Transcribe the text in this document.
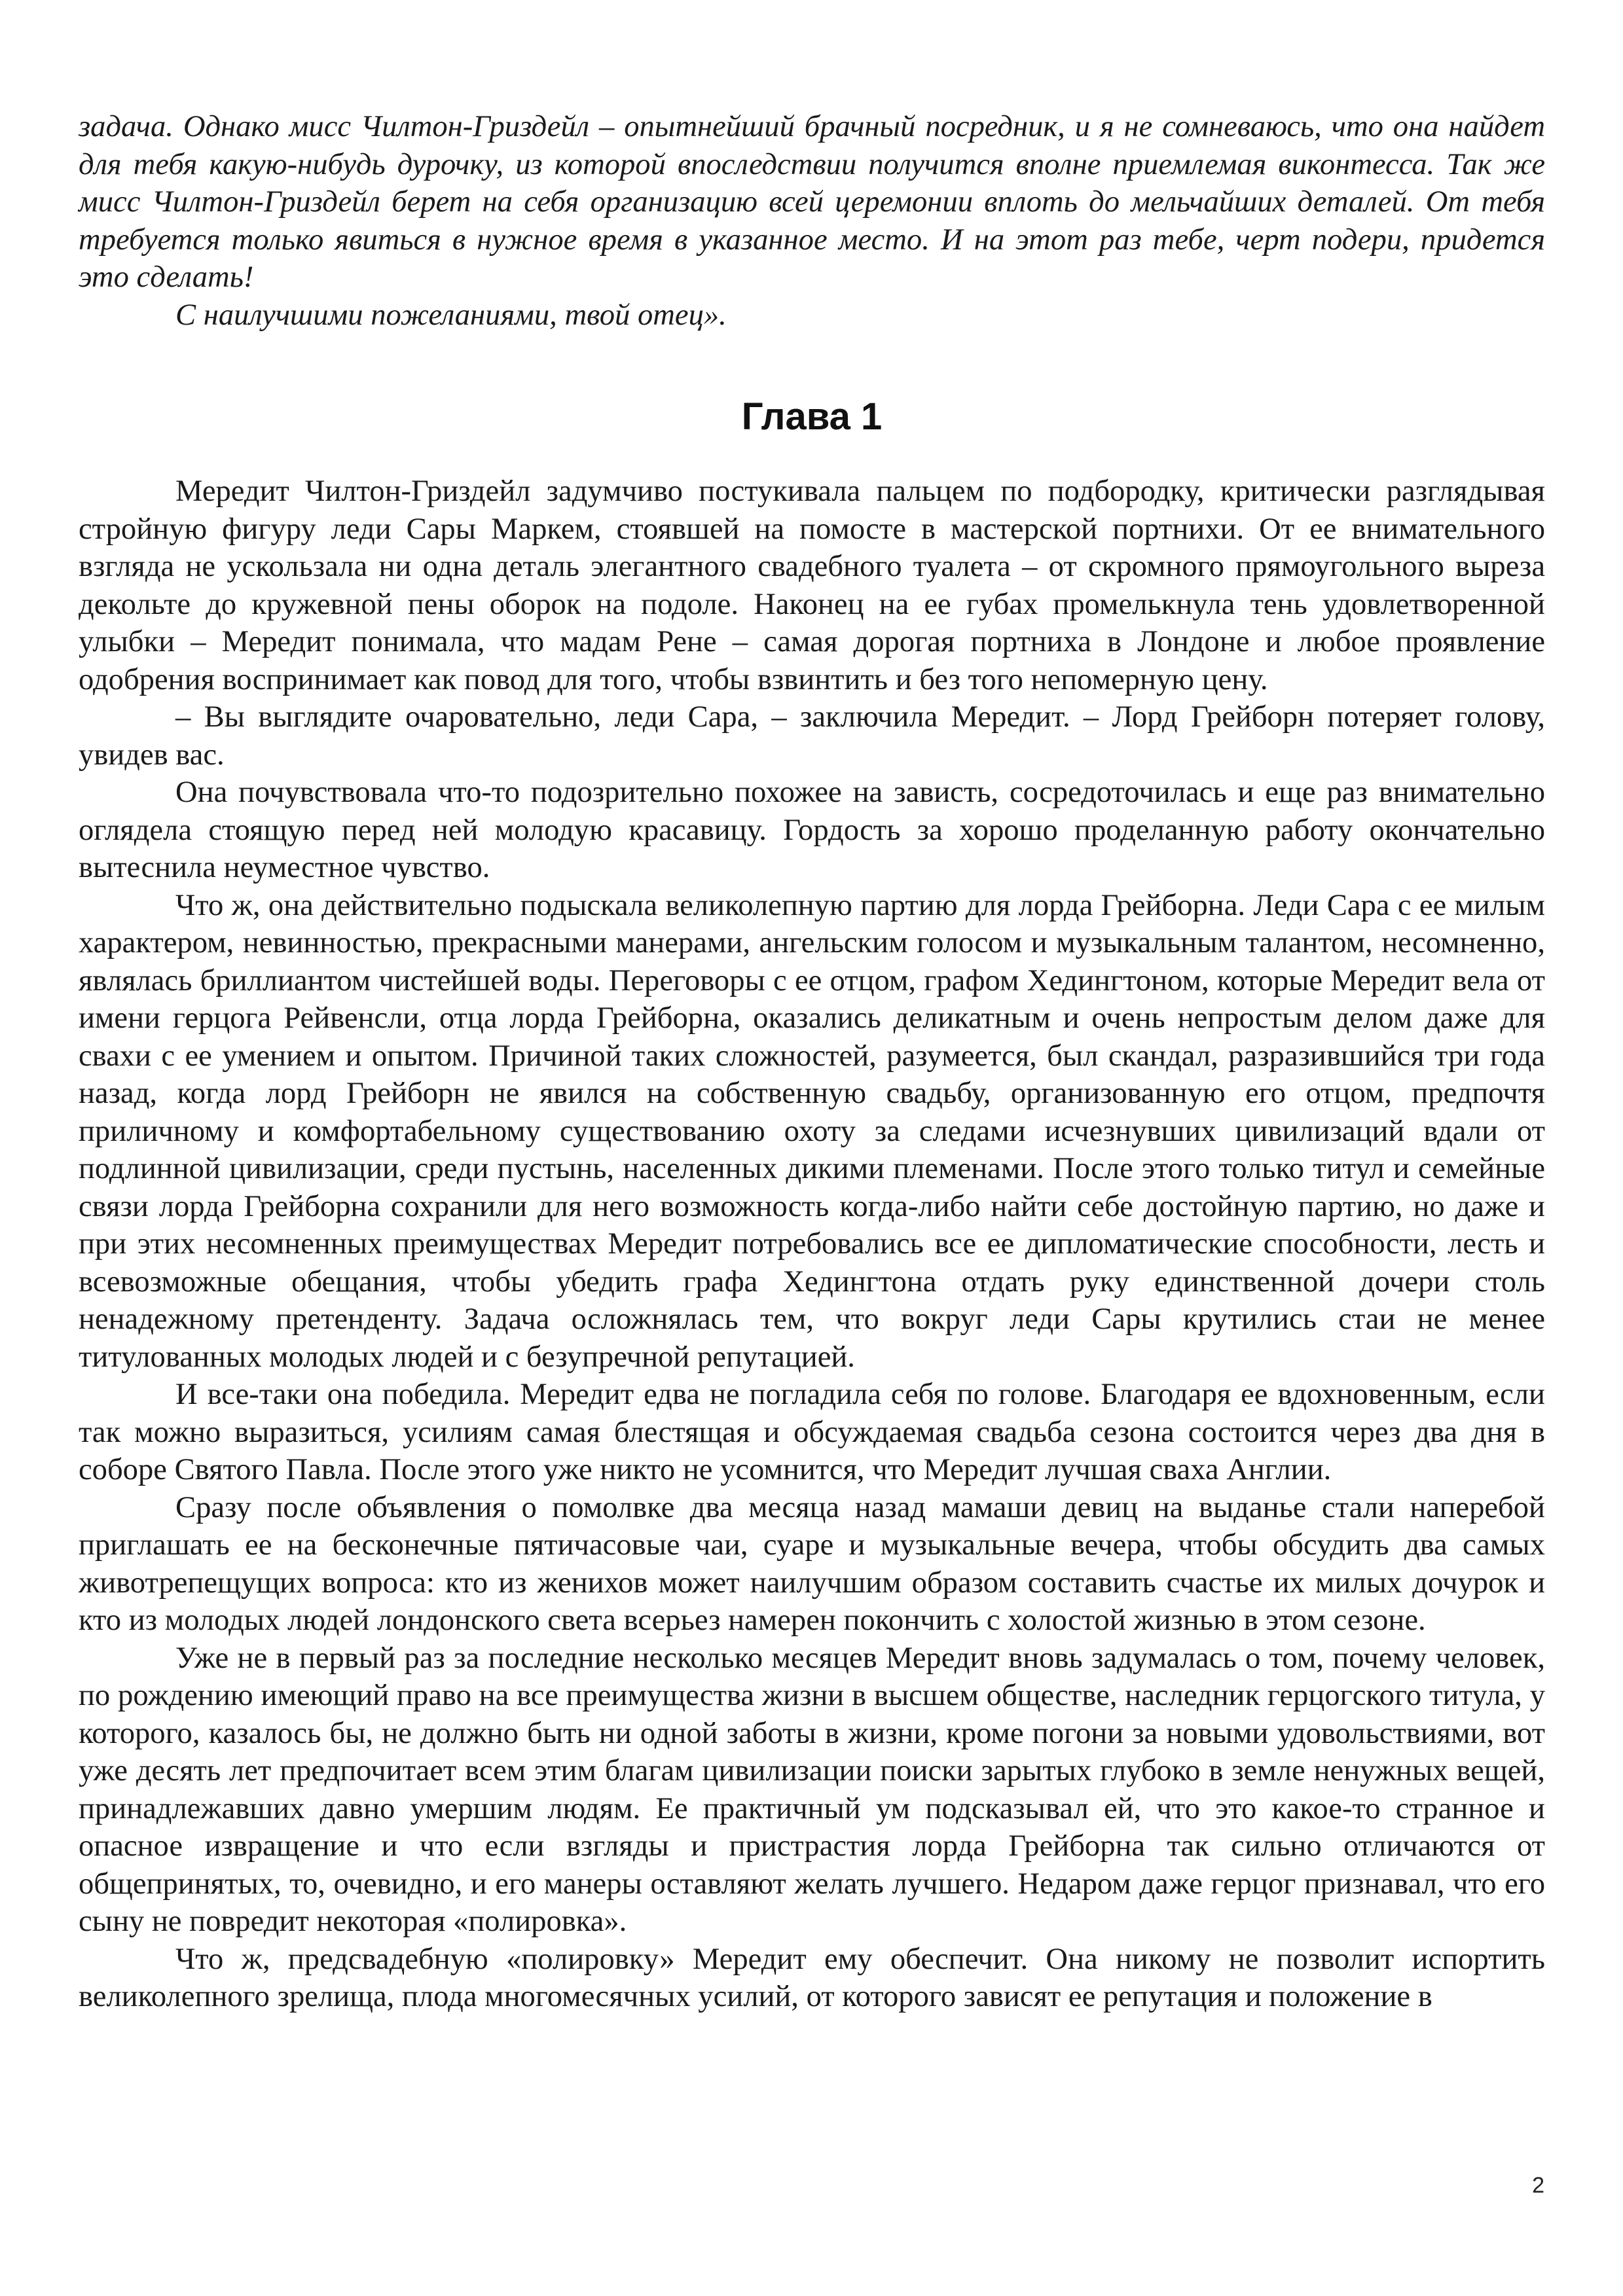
задача. Однако мисс Чилтон-Гриздейл – опытнейший брачный посредник, и я не сомневаюсь, что она найдет для тебя какую-нибудь дурочку, из которой впоследствии получится вполне приемлемая виконтесса. Так же мисс Чилтон-Гриздейл берет на себя организацию всей церемонии вплоть до мельчайших деталей. От тебя требуется только явиться в нужное время в указанное место. И на этот раз тебе, черт подери, придется это сделать!

С наилучшими пожеланиями, твой отец».

Глава 1

Мередит Чилтон-Гриздейл задумчиво постукивала пальцем по подбородку, критически разглядывая стройную фигуру леди Сары Маркем, стоявшей на помосте в мастерской портнихи. От ее внимательного взгляда не ускользала ни одна деталь элегантного свадебного туалета – от скромного прямоугольного выреза декольте до кружевной пены оборок на подоле. Наконец на ее губах промелькнула тень удовлетворенной улыбки – Мередит понимала, что мадам Рене – самая дорогая портниха в Лондоне и любое проявление одобрения воспринимает как повод для того, чтобы взвинтить и без того непомерную цену.

– Вы выглядите очаровательно, леди Сара, – заключила Мередит. – Лорд Грейборн потеряет голову, увидев вас.

Она почувствовала что-то подозрительно похожее на зависть, сосредоточилась и еще раз внимательно оглядела стоящую перед ней молодую красавицу. Гордость за хорошо проделанную работу окончательно вытеснила неуместное чувство.

Что ж, она действительно подыскала великолепную партию для лорда Грейборна. Леди Сара с ее милым характером, невинностью, прекрасными манерами, ангельским голосом и музыкальным талантом, несомненно, являлась бриллиантом чистейшей воды. Переговоры с ее отцом, графом Хедингтоном, которые Мередит вела от имени герцога Рейвенсли, отца лорда Грейборна, оказались деликатным и очень непростым делом даже для свахи с ее умением и опытом. Причиной таких сложностей, разумеется, был скандал, разразившийся три года назад, когда лорд Грейборн не явился на собственную свадьбу, организованную его отцом, предпочтя приличному и комфортабельному существованию охоту за следами исчезнувших цивилизаций вдали от подлинной цивилизации, среди пустынь, населенных дикими племенами. После этого только титул и семейные связи лорда Грейборна сохранили для него возможность когда-либо найти себе достойную партию, но даже и при этих несомненных преимуществах Мередит потребовались все ее дипломатические способности, лесть и всевозможные обещания, чтобы убедить графа Хедингтона отдать руку единственной дочери столь ненадежному претенденту. Задача осложнялась тем, что вокруг леди Сары крутились стаи не менее титулованных молодых людей и с безупречной репутацией.

И все-таки она победила. Мередит едва не погладила себя по голове. Благодаря ее вдохновенным, если так можно выразиться, усилиям самая блестящая и обсуждаемая свадьба сезона состоится через два дня в соборе Святого Павла. После этого уже никто не усомнится, что Мередит лучшая сваха Англии.

Сразу после объявления о помолвке два месяца назад мамаши девиц на выданье стали наперебой приглашать ее на бесконечные пятичасовые чаи, суаре и музыкальные вечера, чтобы обсудить два самых животрепещущих вопроса: кто из женихов может наилучшим образом составить счастье их милых дочурок и кто из молодых людей лондонского света всерьез намерен покончить с холостой жизнью в этом сезоне.

Уже не в первый раз за последние несколько месяцев Мередит вновь задумалась о том, почему человек, по рождению имеющий право на все преимущества жизни в высшем обществе, наследник герцогского титула, у которого, казалось бы, не должно быть ни одной заботы в жизни, кроме погони за новыми удовольствиями, вот уже десять лет предпочитает всем этим благам цивилизации поиски зарытых глубоко в земле ненужных вещей, принадлежавших давно умершим людям. Ее практичный ум подсказывал ей, что это какое-то странное и опасное извращение и что если взгляды и пристрастия лорда Грейборна так сильно отличаются от общепринятых, то, очевидно, и его манеры оставляют желать лучшего. Недаром даже герцог признавал, что его сыну не повредит некоторая «полировка».

Что ж, предсвадебную «полировку» Мередит ему обеспечит. Она никому не позволит испортить великолепного зрелища, плода многомесячных усилий, от которого зависят ее репутация и положение в

2
